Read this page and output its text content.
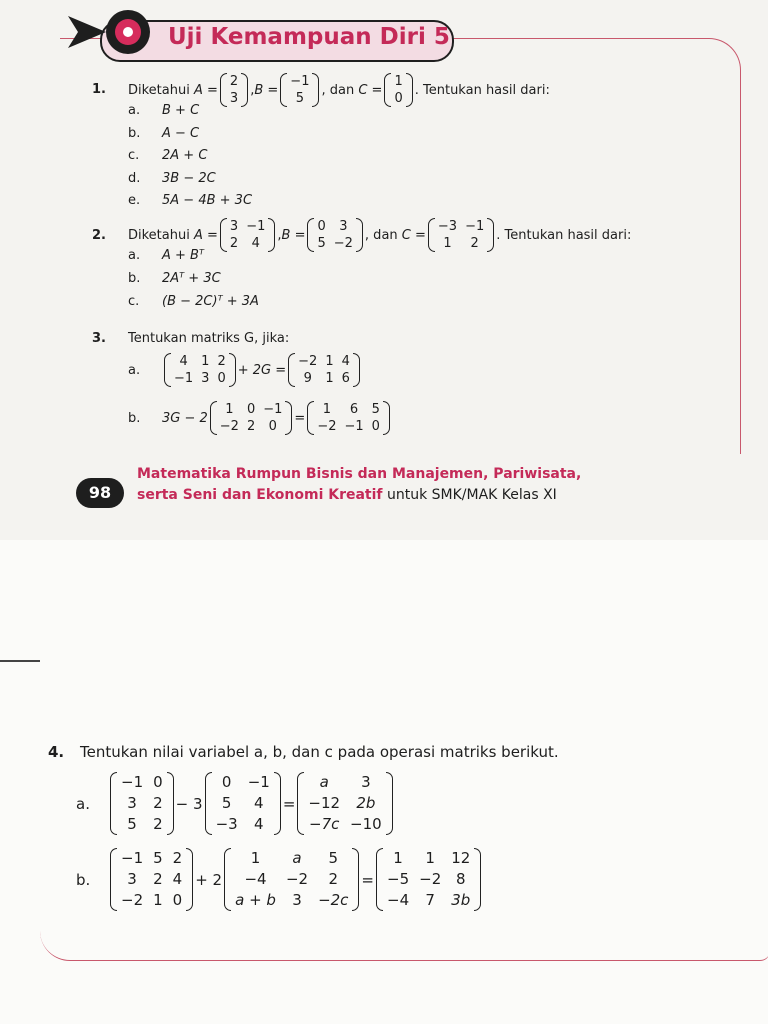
Uji Kemampuan Diri 5
1. Diketahui
A =
2
3
, B =
−1
5
, dan
C =
1
0
. Tentukan hasil dari:
a. B + C
b. A − C
c. 2A + C
d. 3B − 2C
e. 5A − 4B + 3C
2. Diketahui
A =
3	−1
2	4
, B =
0	3
5	−2
, dan
C =
−3	−1
1	2
. Tentukan hasil dari:
a. A + Bᵀ
b. 2Aᵀ + 3C
c. (B − 2C)ᵀ + 3A
3. Tentukan matriks G, jika:
a.
4	1	2
−1	3	0
+ 2G =
−2	1	4
9	1	6
b.	3G − 2
1	0	−1
−2	2	0
=
1	6	5
−2	−1	0
98
Matematika Rumpun Bisnis dan Manajemen, Pariwisata,
serta Seni dan Ekonomi Kreatif untuk SMK/MAK Kelas XI
4. Tentukan nilai variabel a, b, dan c pada operasi matriks berikut.
a.
−1	0
3	2
5	2
− 3
0	−1
5	4
−3	4
=
a	3
−12	2b
−7c	−10
b.
−1	5	2
3	2	4
−2	1	0
+ 2
1	a	5
−4	−2	2
a + b	3	−2c
=
1	1	12
−5	−2	8
−4	7	3b
